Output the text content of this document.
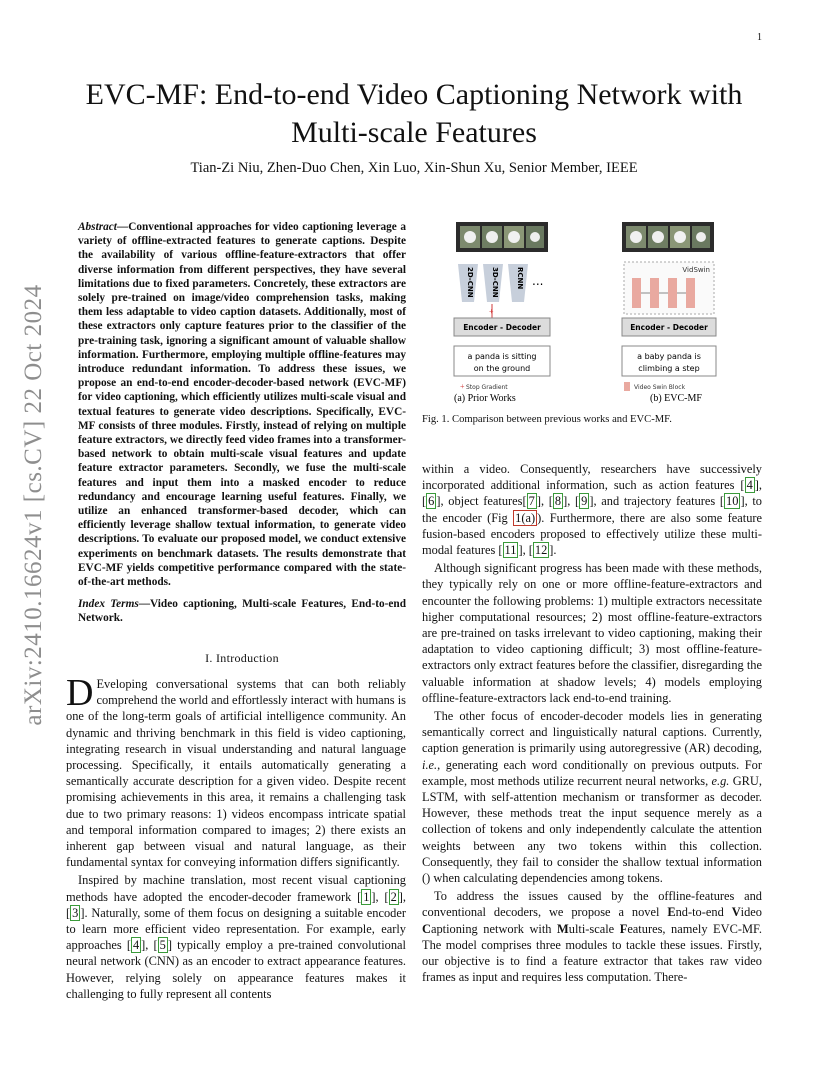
1
EVC-MF: End-to-end Video Captioning Network with Multi-scale Features
Tian-Zi Niu, Zhen-Duo Chen, Xin Luo, Xin-Shun Xu, Senior Member, IEEE
arXiv:2410.16624v1 [cs.CV] 22 Oct 2024
Abstract—Conventional approaches for video captioning leverage a variety of offline-extracted features to generate captions. Despite the availability of various offline-feature-extractors that offer diverse information from different perspectives, they have several limitations due to fixed parameters. Concretely, these extractors are solely pre-trained on image/video comprehension tasks, making them less adaptable to video caption datasets. Additionally, most of these extractors only capture features prior to the classifier of the pre-training task, ignoring a significant amount of valuable shallow information. Furthermore, employing multiple offline-features may introduce redundant information. To address these issues, we propose an end-to-end encoder-decoder-based network (EVC-MF) for video captioning, which efficiently utilizes multi-scale visual and textual features to generate video descriptions. Specifically, EVC-MF consists of three modules. Firstly, instead of relying on multiple feature extractors, we directly feed video frames into a transformer-based network to obtain multi-scale visual features and update feature extractor parameters. Secondly, we fuse the multi-scale features and input them into a masked encoder to reduce redundancy and encourage learning useful features. Finally, we utilize an enhanced transformer-based decoder, which can efficiently leverage shallow textual information, to generate video descriptions. To evaluate our proposed model, we conduct extensive experiments on benchmark datasets. The results demonstrate that EVC-MF yields competitive performance compared with the state-of-the-art methods.
Index Terms—Video captioning, Multi-scale Features, End-to-end Network.
I. Introduction

D Eveloping conversational systems that can both reliably comprehend the world and effortlessly interact with humans is one of the long-term goals of artificial intelligence community. An dynamic and thriving benchmark in this field is video captioning, integrating research in visual understanding and natural language processing. Specifically, it entails automatically generating a semantically accurate description for a given video. Despite recent promising achievements in this area, it remains a challenging task due to two primary reasons: 1) videos encompass intricate spatial and temporal information compared to images; 2) there exists an inherent gap between visual and natural language, as their fundamental syntax for conveying information differs significantly.

Inspired by machine translation, most recent visual captioning methods have adopted the encoder-decoder framework [ 1 ], [ 2 ], [ 3 ]. Naturally, some of them focus on designing a suitable encoder to learn more efficient video representation. For example, early approaches [ 4 ], [ 5 ] typically employ a pre-trained convolutional neural network (CNN) as an encoder to extract appearance features. However, relying solely on appearance features makes it challenging to fully represent all contents

within a video. Consequently, researchers have successively incorporated additional information, such as action features [ 4 ], [ 6 ], object features[ 7 ], [ 8 ], [ 9 ], and trajectory features [ 10 ], to the encoder (Fig 1(a) ). Furthermore, there are also some feature fusion-based encoders proposed to effectively utilize these multi-modal features [ 11 ], [ 12 ].

Although significant progress has been made with these methods, they typically rely on one or more offline-feature-extractors and encounter the following problems: 1) multiple extractors necessitate higher computational resources; 2) most offline-feature-extractors are pre-trained on tasks irrelevant to video captioning, making their adaptation to video captioning difficult; 3) most offline-feature-extractors only extract features before the classifier, disregarding the valuable information at shadow levels; 4) models employing offline-feature-extractors lack end-to-end training.

The other focus of encoder-decoder models lies in generating semantically correct and linguistically natural captions. Currently, caption generation is primarily using autoregressive (AR) decoding, i.e., generating each word conditionally on previous outputs. For example, most methods utilize recurrent neural networks, e.g. GRU, LSTM, with self-attention mechanism or transformer as decoder. However, these methods treat the input sequence merely as a collection of tokens and only independently calculate the attention weights between any two tokens within this collection. Consequently, they fail to consider the shallow textual information () when calculating dependencies among tokens.

To address the issues caused by the offline-features and conventional decoders, we propose a novel End-to-end Video Captioning network with Multi-scale Features, namely EVC-MF. The model comprises three modules to tackle these issues. Firstly, our objective is to find a feature extractor that takes raw video frames as input and requires less computation. There-

2D-CNN 3D-CNN RCNN ...
+
Encoder - Decoder
a panda is sitting
on the ground
Stop Gradient
+
(a) Prior Works
VidSwin
Encoder - Decoder
a baby panda is
climbing a step
Video Swin Block
(b) EVC-MF
Fig. 1. Comparison between previous works and EVC-MF.
